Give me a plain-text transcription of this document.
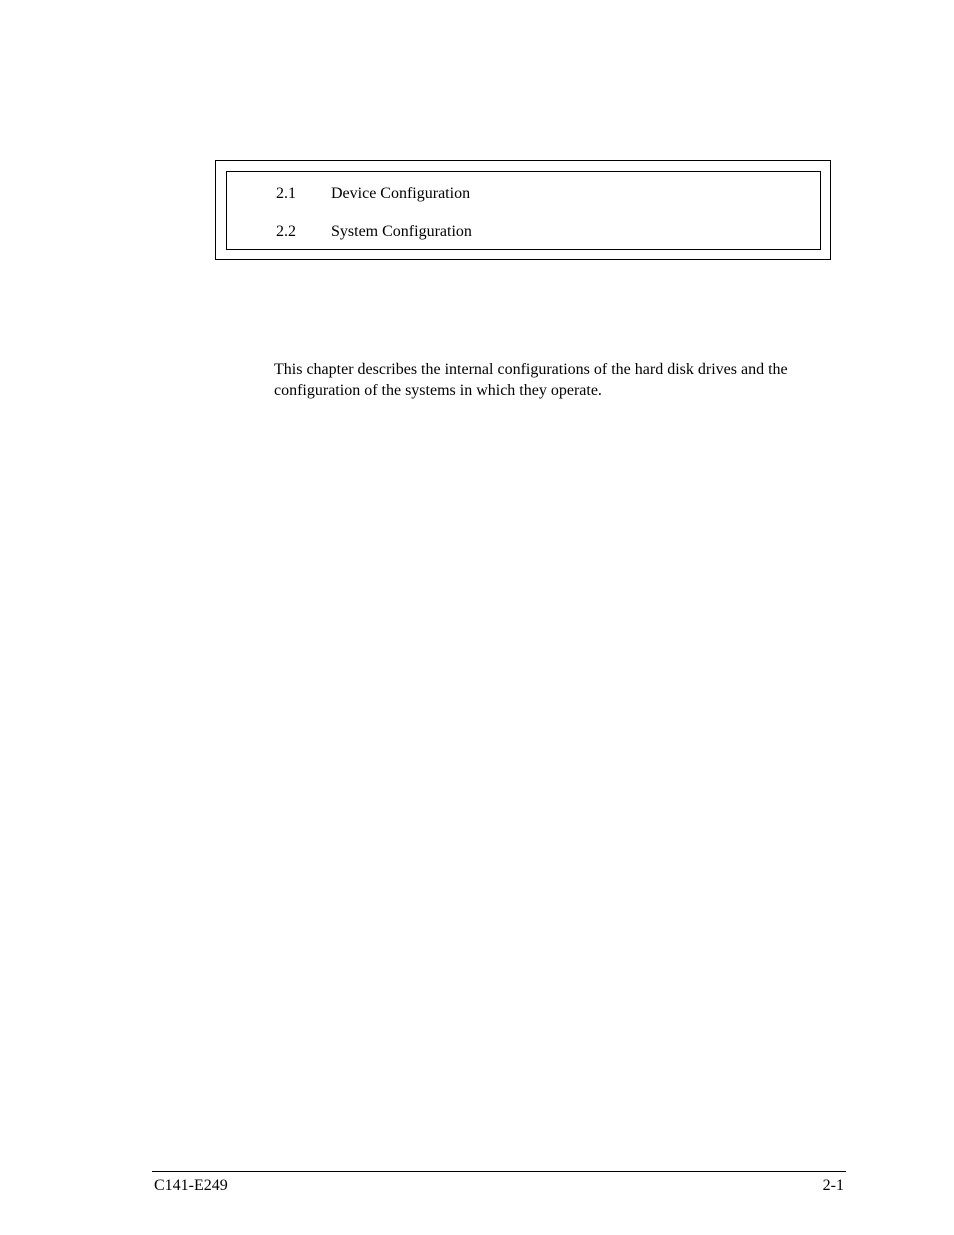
2.1 Device Configuration
2.2 System Configuration

This chapter describes the internal configurations of the hard disk drives and the configuration of the systems in which they operate.

C141-E249	2-1
